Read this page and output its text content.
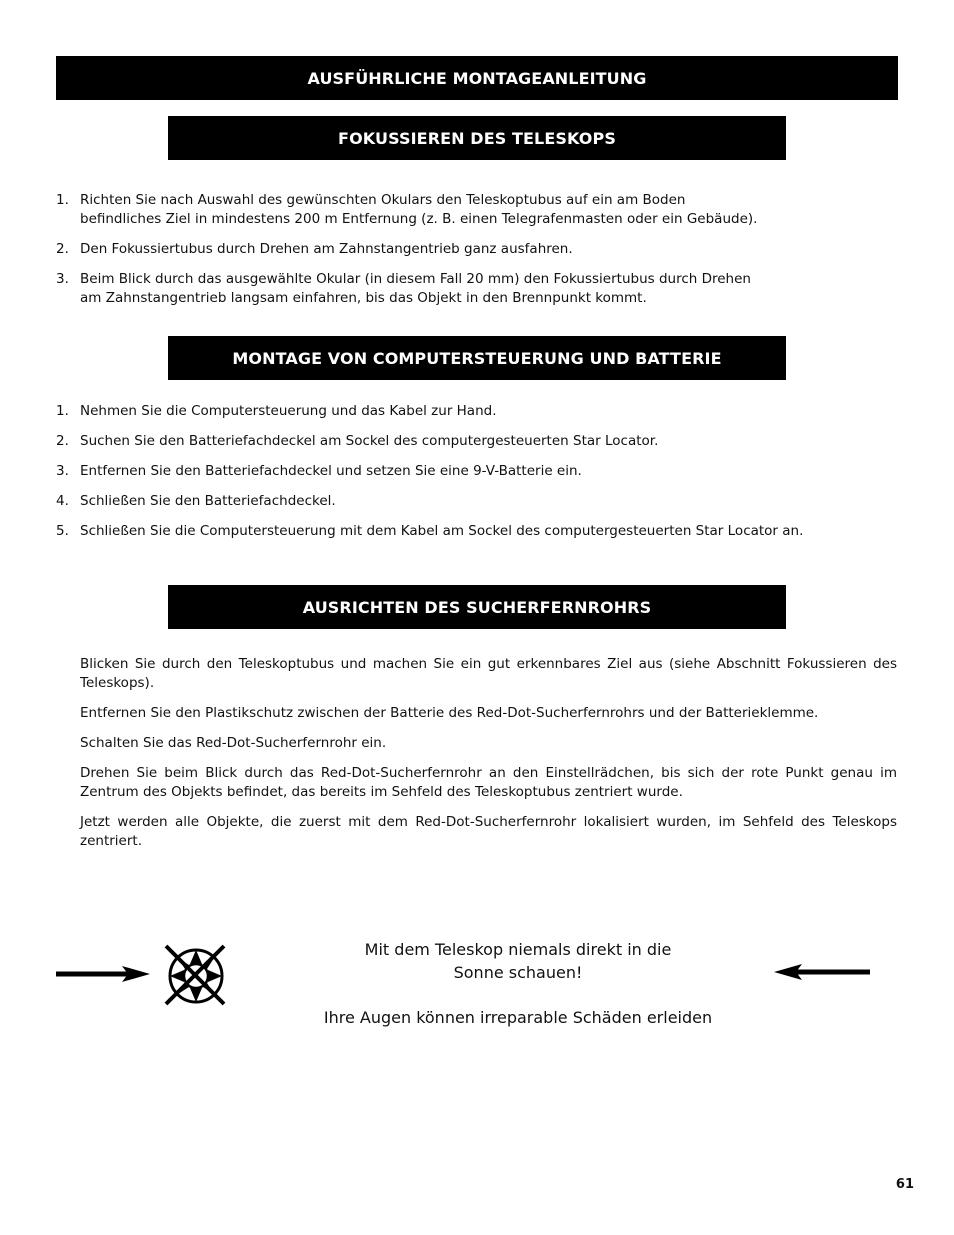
AUSFÜHRLICHE MONTAGEANLEITUNG
FOKUSSIEREN DES TELESKOPS
1. Richten Sie nach Auswahl des gewünschten Okulars den Teleskoptubus auf ein am Boden
befindliches Ziel in mindestens 200 m Entfernung (z. B. einen Telegrafenmasten oder ein Gebäude).
2. Den Fokussiertubus durch Drehen am Zahnstangentrieb ganz ausfahren.
3. Beim Blick durch das ausgewählte Okular (in diesem Fall 20 mm) den Fokussiertubus durch Drehen
am Zahnstangentrieb langsam einfahren, bis das Objekt in den Brennpunkt kommt.
MONTAGE VON COMPUTERSTEUERUNG UND BATTERIE
1. Nehmen Sie die Computersteuerung und das Kabel zur Hand.
2. Suchen Sie den Batteriefachdeckel am Sockel des computergesteuerten Star Locator.
3. Entfernen Sie den Batteriefachdeckel und setzen Sie eine 9-V-Batterie ein.
4. Schließen Sie den Batteriefachdeckel.
5. Schließen Sie die Computersteuerung mit dem Kabel am Sockel des computergesteuerten Star Locator an.
AUSRICHTEN DES SUCHERFERNROHRS

Blicken Sie durch den Teleskoptubus und machen Sie ein gut erkennbares Ziel aus (siehe Abschnitt Fokussieren des Teleskops).

Entfernen Sie den Plastikschutz zwischen der Batterie des Red-Dot-Sucherfernrohrs und der Batterieklemme.

Schalten Sie das Red-Dot-Sucherfernrohr ein.

Drehen Sie beim Blick durch das Red-Dot-Sucherfernrohr an den Einstellrädchen, bis sich der rote Punkt genau im Zentrum des Objekts befindet, das bereits im Sehfeld des Teleskoptubus zentriert wurde.

Jetzt werden alle Objekte, die zuerst mit dem Red-Dot-Sucherfernrohr lokalisiert wurden, im Sehfeld des Teleskops zentriert.

Mit dem Teleskop niemals direkt in die
Sonne schauen!
Ihre Augen können irreparable Schäden erleiden
61
